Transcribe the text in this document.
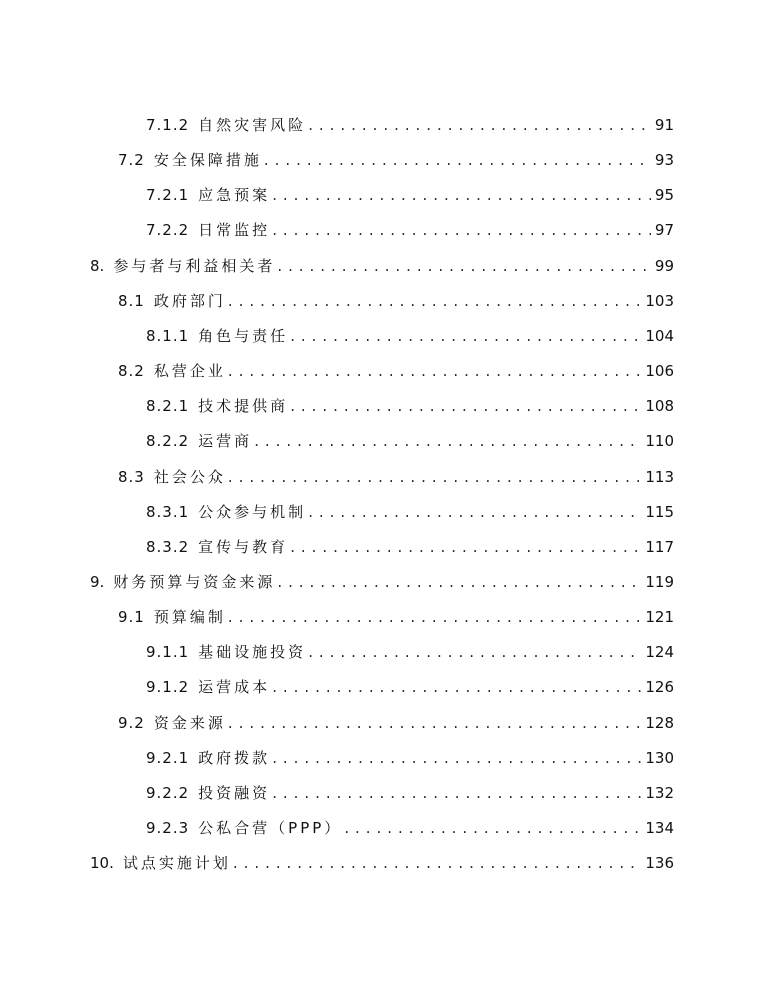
7.1.2 自然灾害风险 . . .	91
7.2 安全保障措施 . . .	93
7.2.1 应急预案 . . .	95
7.2.2 日常监控 . . .	97
8. 参与者与利益相关者 . . .	99
8.1 政府部门 . . .	103
8.1.1 角色与责任 . . .	104
8.2 私营企业 . . .	106
8.2.1 技术提供商 . . .	108
8.2.2 运营商 . . .	110
8.3 社会公众 . . .	113
8.3.1 公众参与机制 . . .	115
8.3.2 宣传与教育 . . .	117
9. 财务预算与资金来源 . . .	119
9.1 预算编制 . . .	121
9.1.1 基础设施投资 . . .	124
9.1.2 运营成本 . . .	126
9.2 资金来源 . . .	128
9.2.1 政府拨款 . . .	130
9.2.2 投资融资 . . .	132
9.2.3 公私合营（PPP） . . .	134
10. 试点实施计划 . . .	136
